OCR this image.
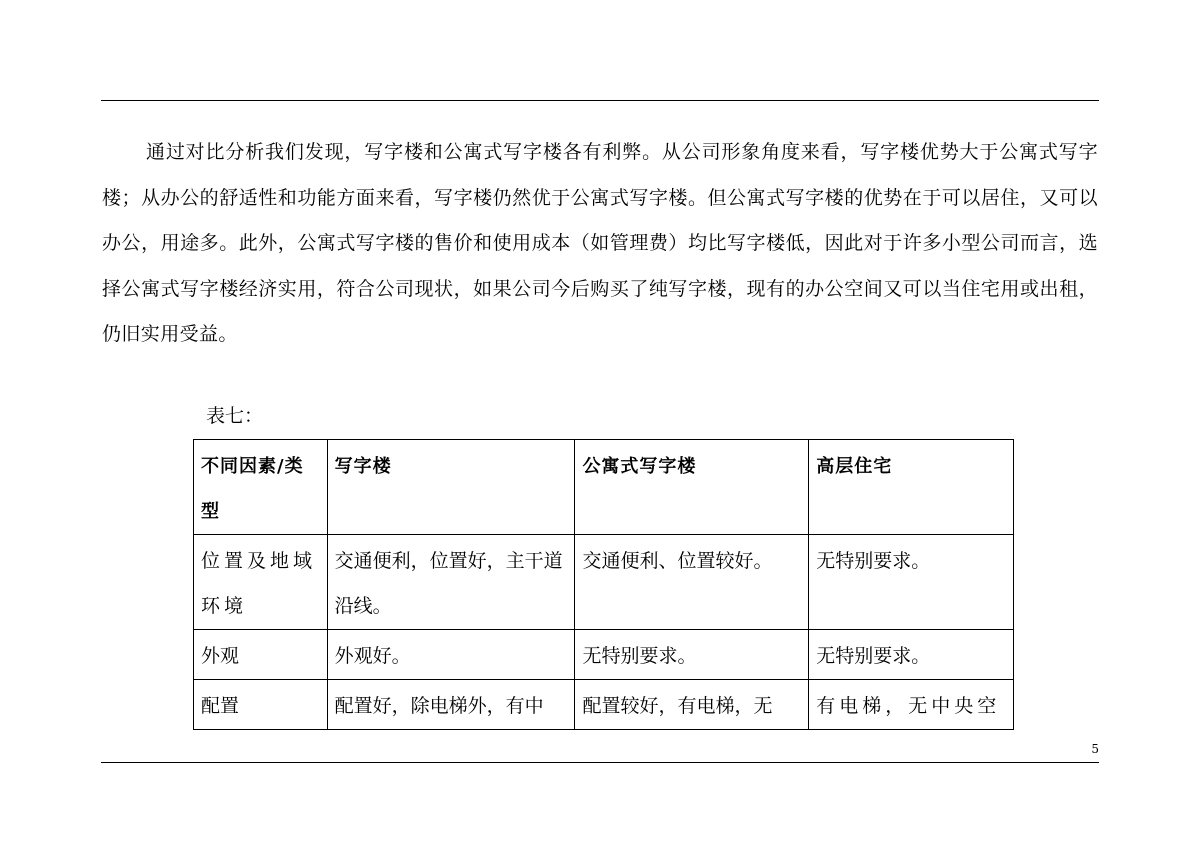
通过对比分析我们发现，写字楼和公寓式写字楼各有利弊。从公司形象角度来看，写字楼优势大于公寓式写字楼；从办公的舒适性和功能方面来看，写字楼仍然优于公寓式写字楼。但公寓式写字楼的优势在于可以居住，又可以办公，用途多。此外，公寓式写字楼的售价和使用成本（如管理费）均比写字楼低，因此对于许多小型公司而言，选择公寓式写字楼经济实用，符合公司现状，如果公司今后购买了纯写字楼，现有的办公空间又可以当住宅用或出租，仍旧实用受益。

表七：

不同因素/类型	写字楼	公寓式写字楼	高层住宅
位置及地域环境	交通便利，位置好，主干道沿线。	交通便利、位置较好。	无特别要求。
外观	外观好。	无特别要求。	无特别要求。
配置	配置好，除电梯外，有中	配置较好，有电梯，无	有电梯，无中央空

5
